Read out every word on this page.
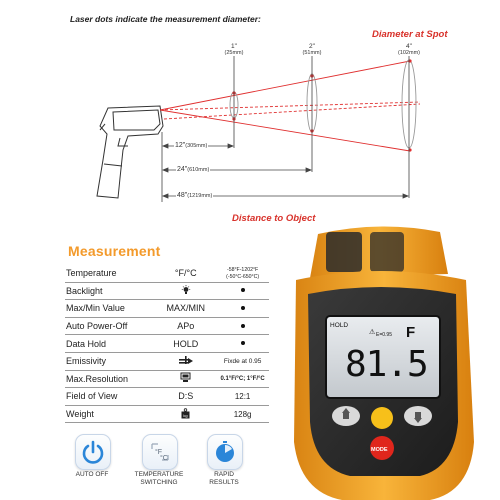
Laser dots indicate the measurement diameter:
Diameter at Spot
Distance to Object
1"
(25mm)
2"
(51mm)
4"
(102mm)
12"(305mm)
24"(610mm)
48"(1219mm)
Measurement
Temperature	°F/°C	-58°F-1202°F
(-50°C-650°C)
Backlight		
Max/Min Value	MAX/MIN	
Auto Power-Off	APo	
Data Hold	HOLD	
Emissivity		Fixde at 0.95
Max.Resolution		0.1°F/°C; 1°F/°C
Field of View	D:S	12:1
Weight	kg	128g
AUTO OFF
°F
°C
TEMPERATURE
SWITCHING
RAPID
RESULTS
HOLD
E=0.95
⚠ F
81.5
MODE
